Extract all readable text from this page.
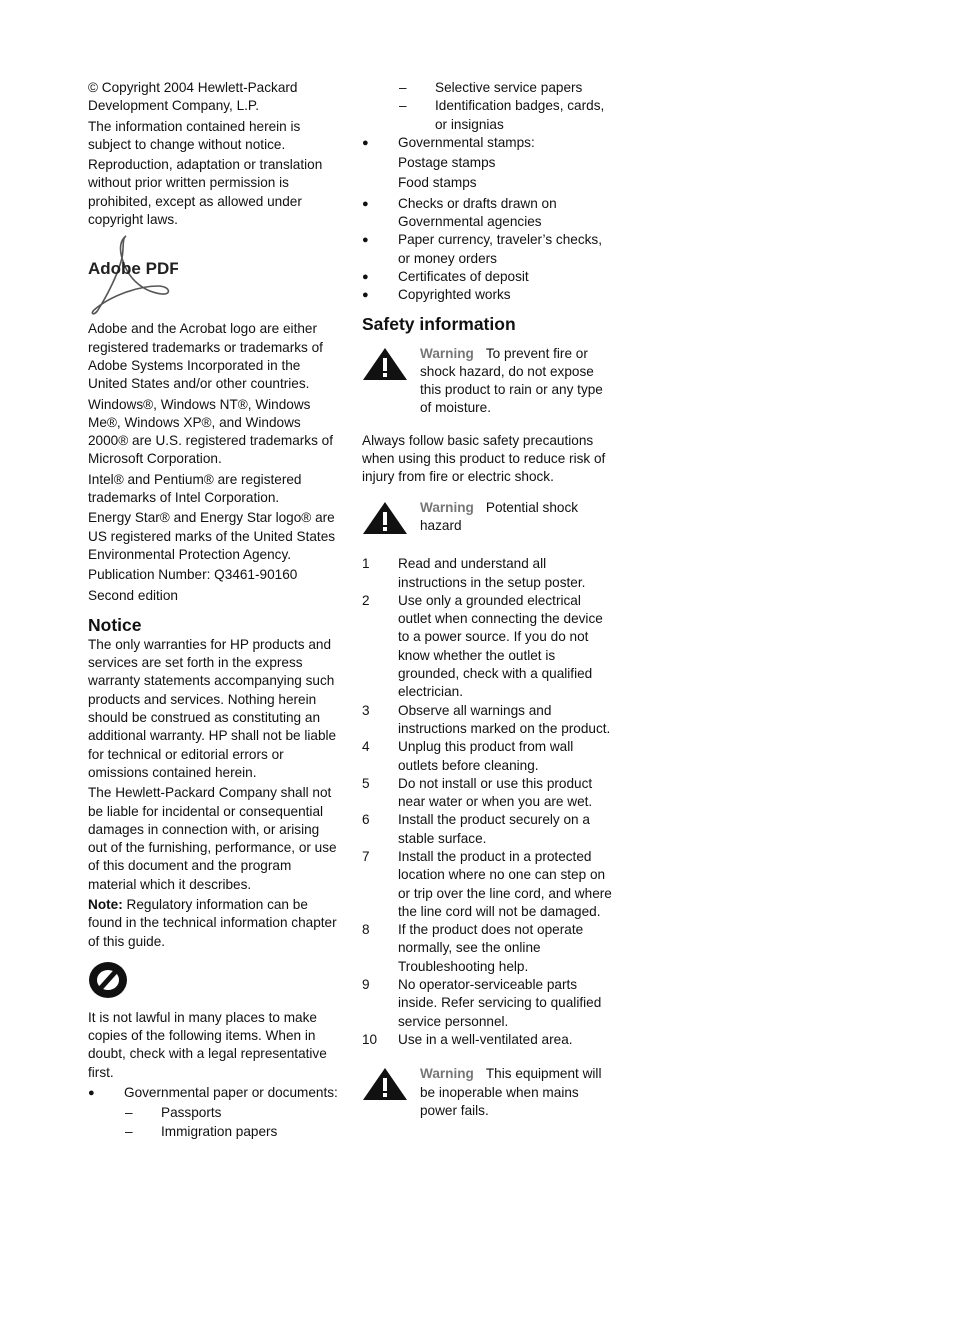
© Copyright 2004 Hewlett-Packard Development Company, L.P.

The information contained herein is subject to change without notice.

Reproduction, adaptation or translation without prior written permission is prohibited, except as allowed under copyright laws.

Adobe PDF

Adobe and the Acrobat logo are either registered trademarks or trademarks of Adobe Systems Incorporated in the United States and/or other countries.

Windows®, Windows NT®, Windows Me®, Windows XP®, and Windows 2000® are U.S. registered trademarks of Microsoft Corporation.

Intel® and Pentium® are registered trademarks of Intel Corporation.

Energy Star® and Energy Star logo® are US registered marks of the United States Environmental Protection Agency.

Publication Number: Q3461-90160

Second edition

Notice

The only warranties for HP products and services are set forth in the express warranty statements accompanying such products and services. Nothing herein should be construed as constituting an additional warranty. HP shall not be liable for technical or editorial errors or omissions contained herein.

The Hewlett-Packard Company shall not be liable for incidental or consequential damages in connection with, or arising out of the furnishing, performance, or use of this document and the program material which it describes.

Note: Regulatory information can be found in the technical information chapter of this guide.

It is not lawful in many places to make copies of the following items. When in doubt, check with a legal representative first.

● Governmental paper or documents:
– Passports
– Immigration papers
– Selective service papers
– Identification badges, cards, or insignias
● Governmental stamps:

Postage stamps

Food stamps

● Checks or drafts drawn on Governmental agencies
● Paper currency, traveler’s checks, or money orders
● Certificates of deposit
● Copyrighted works
Safety information
Warning To prevent fire or shock hazard, do not expose this product to rain or any type of moisture.

Always follow basic safety precautions when using this product to reduce risk of injury from fire or electric shock.

Warning Potential shock hazard
1 Read and understand all instructions in the setup poster.
2 Use only a grounded electrical outlet when connecting the device to a power source. If you do not know whether the outlet is grounded, check with a qualified electrician.
3 Observe all warnings and instructions marked on the product.
4 Unplug this product from wall outlets before cleaning.
5 Do not install or use this product near water or when you are wet.
6 Install the product securely on a stable surface.
7 Install the product in a protected location where no one can step on or trip over the line cord, and where the line cord will not be damaged.
8 If the product does not operate normally, see the online Troubleshooting help.
9 No operator-serviceable parts inside. Refer servicing to qualified service personnel.
10 Use in a well-ventilated area.
Warning This equipment will be inoperable when mains power fails.
